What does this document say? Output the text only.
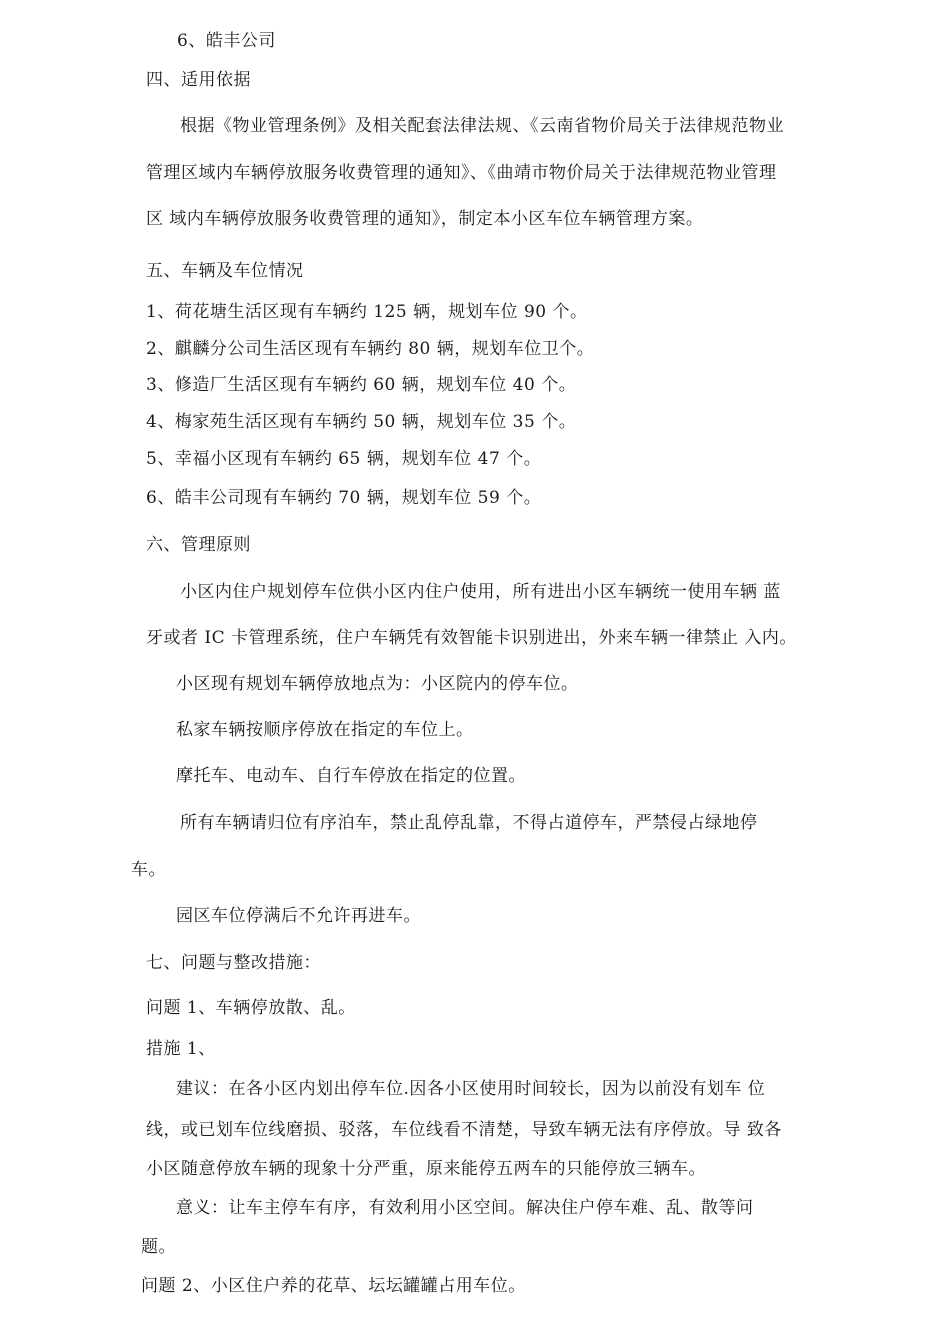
6、皓丰公司
四、适用依据
根据《物业管理条例》及相关配套法律法规、《云南省物价局关于法律规范物业
管理区域内车辆停放服务收费管理的通知》、《曲靖市物价局关于法律规范物业管理
区 域内车辆停放服务收费管理的通知》，制定本小区车位车辆管理方案。
五、车辆及车位情况
1、荷花塘生活区现有车辆约 125 辆，规划车位 90 个。
2、麒麟分公司生活区现有车辆约 80 辆，规划车位卫个。
3、修造厂生活区现有车辆约 60 辆，规划车位 40 个。
4、梅家苑生活区现有车辆约 50 辆，规划车位 35 个。
5、幸福小区现有车辆约 65 辆，规划车位 47 个。
6、皓丰公司现有车辆约 70 辆，规划车位 59 个。
六、管理原则
小区内住户规划停车位供小区内住户使用，所有进出小区车辆统一使用车辆 蓝
牙或者 IC 卡管理系统，住户车辆凭有效智能卡识别进出，外来车辆一律禁止 入内。
小区现有规划车辆停放地点为：小区院内的停车位。
私家车辆按顺序停放在指定的车位上。
摩托车、电动车、自行车停放在指定的位置。
所有车辆请归位有序泊车，禁止乱停乱靠，不得占道停车，严禁侵占绿地停
车。
园区车位停满后不允许再进车。
七、问题与整改措施：
问题 1、车辆停放散、乱。
措施 1、
建议：在各小区内划出停车位.因各小区使用时间较长，因为以前没有划车 位
线，或已划车位线磨损、驳落，车位线看不清楚，导致车辆无法有序停放。导 致各
小区随意停放车辆的现象十分严重，原来能停五两车的只能停放三辆车。
意义：让车主停车有序，有效利用小区空间。解决住户停车难、乱、散等问
题。
问题 2、小区住户养的花草、坛坛罐罐占用车位。
